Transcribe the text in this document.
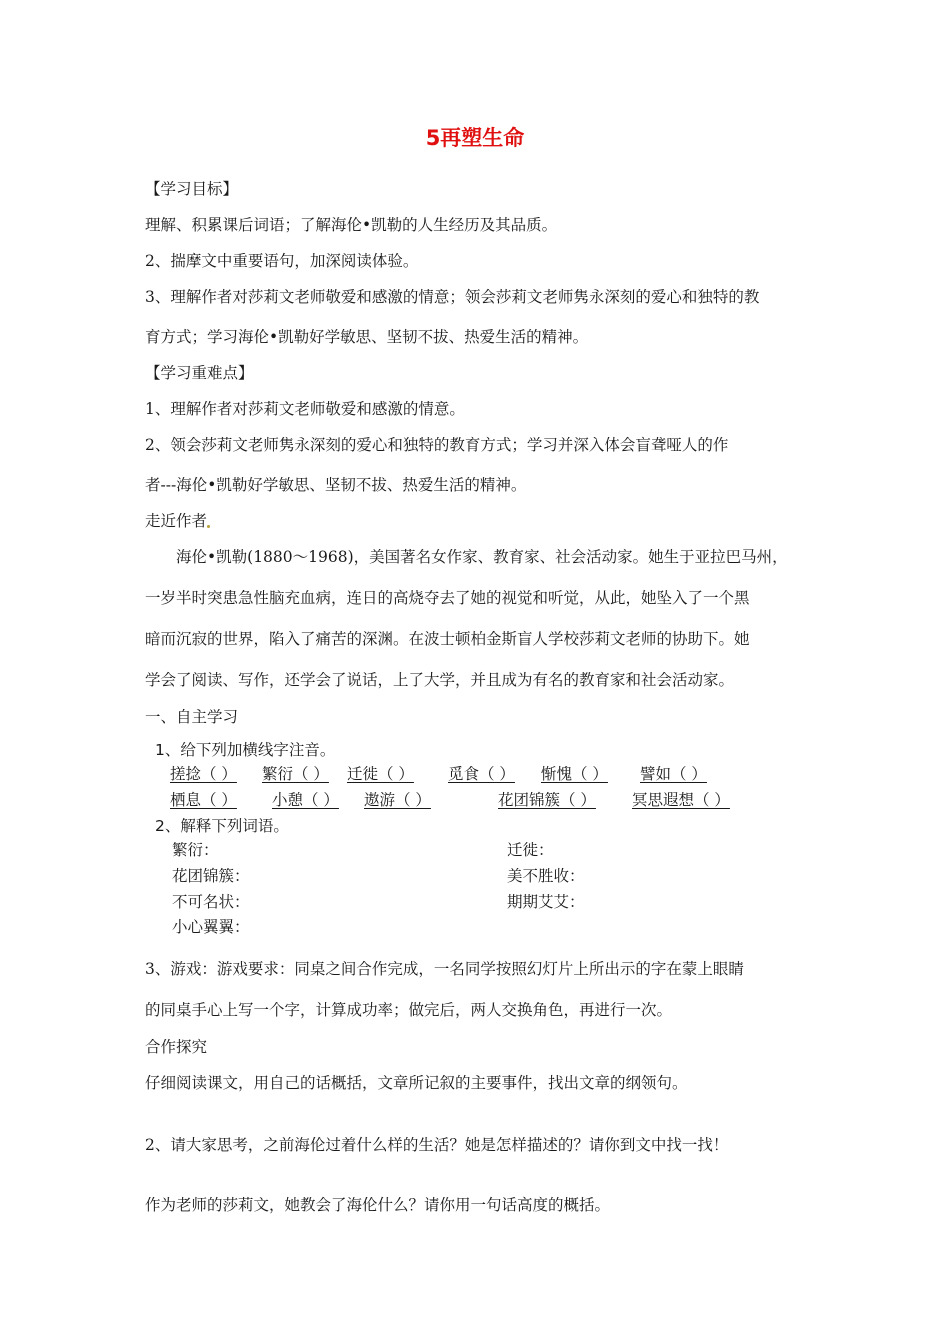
5再塑生命
【学习目标】
理解、积累课后词语；了解海伦•凯勒的人生经历及其品质。
2、揣摩文中重要语句，加深阅读体验。
3、理解作者对莎莉文老师敬爱和感激的情意；领会莎莉文老师隽永深刻的爱心和独特的教
育方式；学习海伦•凯勒好学敏思、坚韧不拔、热爱生活的精神。
【学习重难点】
1、理解作者对莎莉文老师敬爱和感激的情意。
2、领会莎莉文老师隽永深刻的爱心和独特的教育方式；学习并深入体会盲聋哑人的作
者---海伦•凯勒好学敏思、坚韧不拔、热爱生活的精神。
走近作者
海伦•凯勒(1880～1968)，美国著名女作家、教育家、社会活动家。她生于亚拉巴马州，
一岁半时突患急性脑充血病，连日的高烧夺去了她的视觉和听觉，从此，她坠入了一个黑
暗而沉寂的世界，陷入了痛苦的深渊。在波士顿柏金斯盲人学校莎莉文老师的协助下。她
学会了阅读、写作，还学会了说话，上了大学，并且成为有名的教育家和社会活动家。
一、自主学习
1、给下列加横线字注音。
搓捻（ ） 繁衍（ ） 迁徙（ ） 觅食（ ） 惭愧（ ） 譬如（ ）
栖息（ ） 小憩（ ） 遨游（ ）	花团锦簇（ ） 冥思遐想（ ）
2、解释下列词语。
繁衍：
花团锦簇：
不可名状：
小心翼翼：
迁徙：
美不胜收：
期期艾艾：
3、游戏：游戏要求：同桌之间合作完成，一名同学按照幻灯片上所出示的字在蒙上眼睛
的同桌手心上写一个字，计算成功率；做完后，两人交换角色，再进行一次。
合作探究
仔细阅读课文，用自己的话概括，文章所记叙的主要事件，找出文章的纲领句。
2、请大家思考，之前海伦过着什么样的生活？她是怎样描述的？请你到文中找一找！
作为老师的莎莉文，她教会了海伦什么？请你用一句话高度的概括。
